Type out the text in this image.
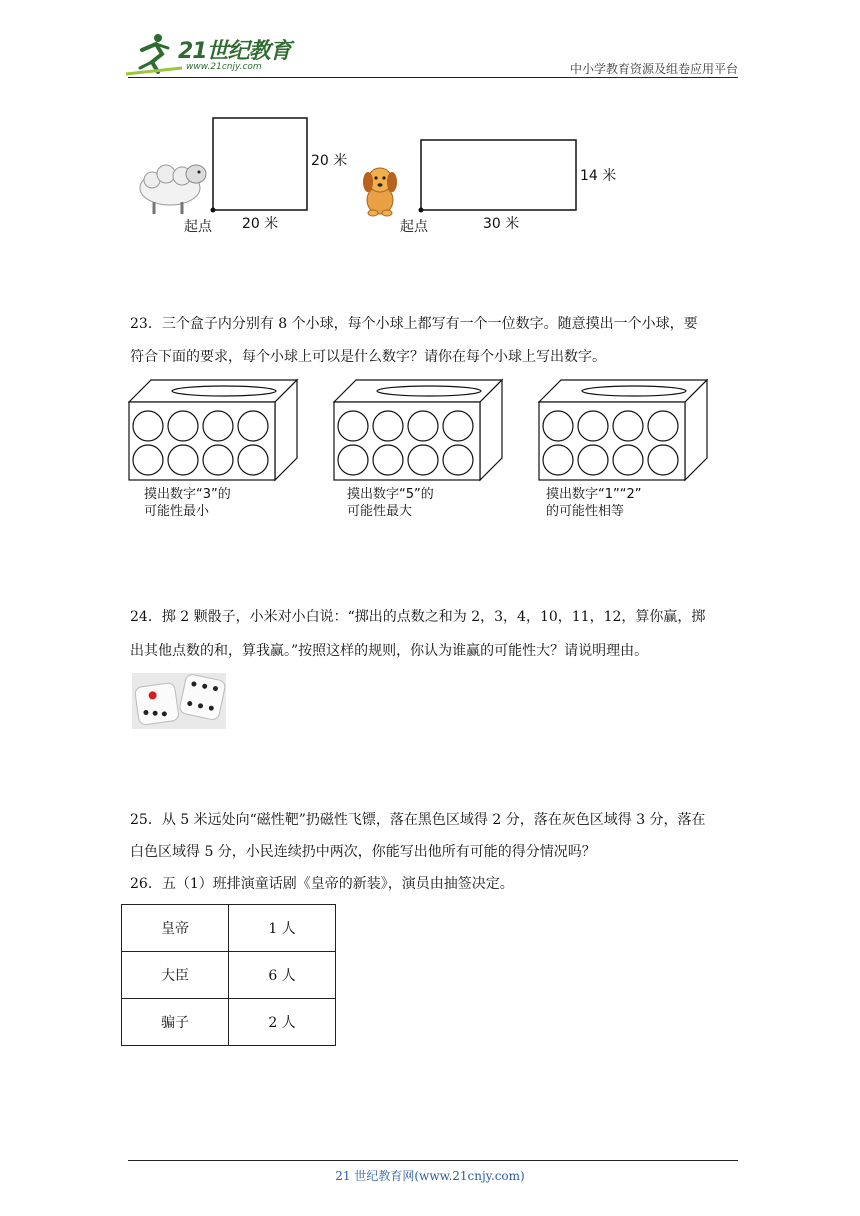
21世纪教育
www.21cnjy.com	中小学教育资源及组卷应用平台
20 米
20 米
起点
14 米
30 米
起点
23．三个盒子内分别有 8 个小球，每个小球上都写有一个一位数字。随意摸出一个小球，要
符合下面的要求，每个小球上可以是什么数字？请你在每个小球上写出数字。
摸出数字“3”的
可能性最小
摸出数字“5”的
可能性最大
摸出数字“1”“2”
的可能性相等
24．掷 2 颗骰子，小米对小白说：“掷出的点数之和为 2，3，4，10，11，12，算你赢，掷
出其他点数的和，算我赢。”按照这样的规则，你认为谁赢的可能性大？请说明理由。
25．从 5 米远处向“磁性靶”扔磁性飞镖，落在黑色区域得 2 分，落在灰色区域得 3 分，落在
白色区域得 5 分，小民连续扔中两次，你能写出他所有可能的得分情况吗？
26．五（1）班排演童话剧《皇帝的新装》，演员由抽签决定。
皇帝	1 人
大臣	6 人
骗子	2 人
21 世纪教育网(www.21cnjy.com)
